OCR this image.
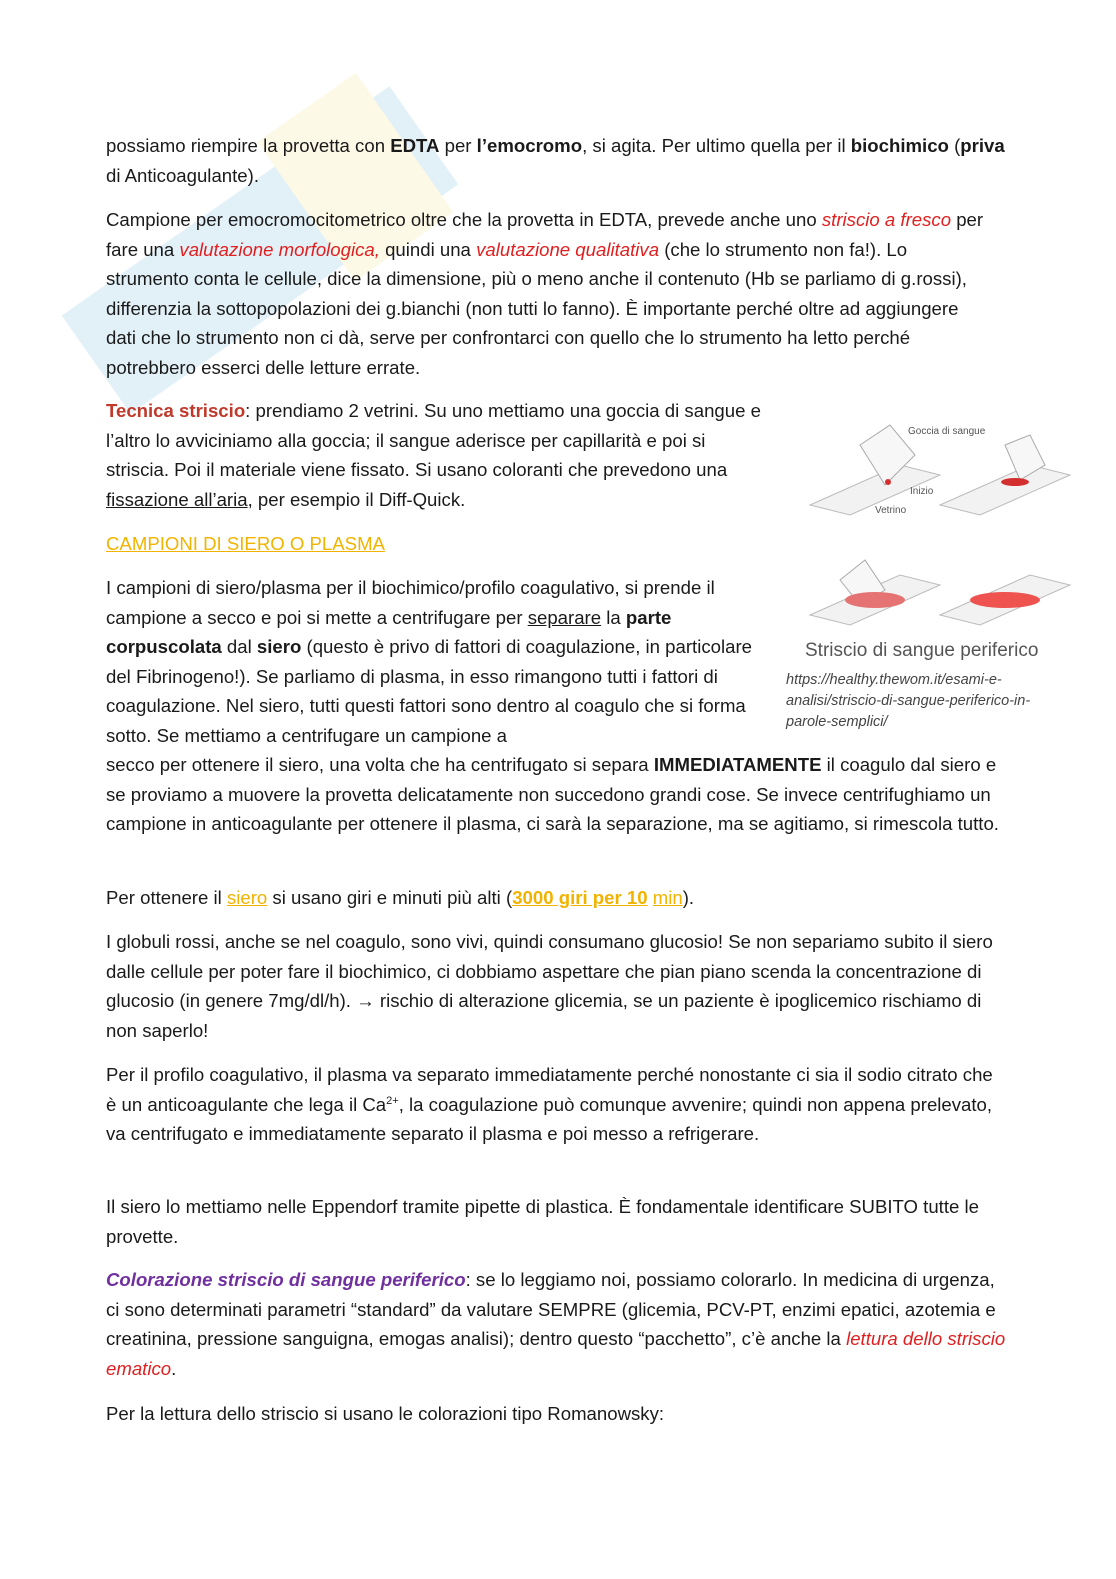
possiamo riempire la provetta con EDTA per l’emocromo, si agita. Per ultimo quella per il biochimico (priva di Anticoagulante).

Campione per emocromocitometrico oltre che la provetta in EDTA, prevede anche uno striscio a fresco per fare una valutazione morfologica, quindi una valutazione qualitativa (che lo strumento non fa!). Lo strumento conta le cellule, dice la dimensione, più o meno anche il contenuto (Hb se parliamo di g.rossi), differenzia la sottopopolazioni dei g.bianchi (non tutti lo fanno). È importante perché oltre ad aggiungere dati che lo strumento non ci dà, serve per confrontarci con quello che lo strumento ha letto perché potrebbero esserci delle letture errate.

Tecnica striscio: prendiamo 2 vetrini. Su uno mettiamo una goccia di sangue e l’altro lo avviciniamo alla goccia; il sangue aderisce per capillarità e poi si striscia. Poi il materiale viene fissato. Si usano coloranti che prevedono una fissazione all’aria, per esempio il Diff-Quick.

CAMPIONI DI SIERO O PLASMA

I campioni di siero/plasma per il biochimico/profilo coagulativo, si prende il campione a secco e poi si mette a centrifugare per separare la parte corpuscolata dal siero (questo è privo di fattori di coagulazione, in particolare del Fibrinogeno!). Se parliamo di plasma, in esso rimangono tutti i fattori di coagulazione. Nel siero, tutti questi fattori sono dentro al coagulo che si forma sotto. Se mettiamo a centrifugare un campione a

secco per ottenere il siero, una volta che ha centrifugato si separa IMMEDIATAMENTE il coagulo dal siero e se proviamo a muovere la provetta delicatamente non succedono grandi cose. Se invece centrifughiamo un campione in anticoagulante per ottenere il plasma, ci sarà la separazione, ma se agitiamo, si rimescola tutto.

Per ottenere il siero si usano giri e minuti più alti (3000 giri per 10 min).

I globuli rossi, anche se nel coagulo, sono vivi, quindi consumano glucosio! Se non separiamo subito il siero dalle cellule per poter fare il biochimico, ci dobbiamo aspettare che pian piano scenda la concentrazione di glucosio (in genere 7mg/dl/h). → rischio di alterazione glicemia, se un paziente è ipoglicemico rischiamo di non saperlo!

Per il profilo coagulativo, il plasma va separato immediatamente perché nonostante ci sia il sodio citrato che è un anticoagulante che lega il $Ca^{2+}$, la coagulazione può comunque avvenire; quindi non appena prelevato, va centrifugato e immediatamente separato il plasma e poi messo a refrigerare.

Il siero lo mettiamo nelle Eppendorf tramite pipette di plastica. È fondamentale identificare SUBITO tutte le provette.

Colorazione striscio di sangue periferico: se lo leggiamo noi, possiamo colorarlo. In medicina di urgenza, ci sono determinati parametri “standard” da valutare SEMPRE (glicemia, PCV-PT, enzimi epatici, azotemia e creatinina, pressione sanguigna, emogas analisi); dentro questo “pacchetto”, c’è anche la lettura dello striscio ematico.

Per la lettura dello striscio si usano le colorazioni tipo Romanowsky:

Goccia di sangue
Inizio
Vetrino
Striscio di sangue periferico
https://healthy.thewom.it/esami-e-analisi/striscio-di-sangue-periferico-in-parole-semplici/
